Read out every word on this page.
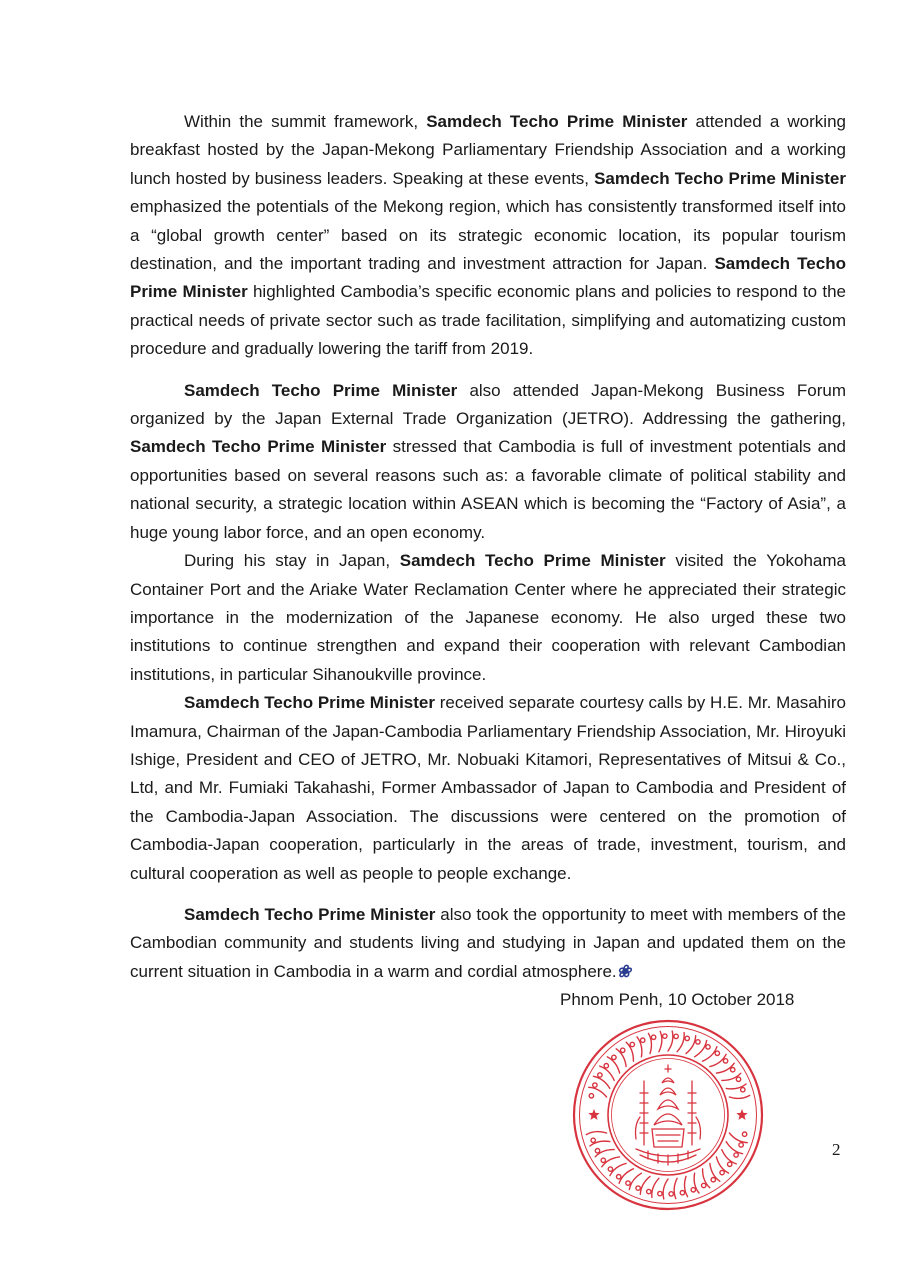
Within the summit framework, Samdech Techo Prime Minister attended a working breakfast hosted by the Japan-Mekong Parliamentary Friendship Association and a working lunch hosted by business leaders. Speaking at these events, Samdech Techo Prime Minister emphasized the potentials of the Mekong region, which has consistently transformed itself into a “global growth center” based on its strategic economic location, its popular tourism destination, and the important trading and investment attraction for Japan. Samdech Techo Prime Minister highlighted Cambodia’s specific economic plans and policies to respond to the practical needs of private sector such as trade facilitation, simplifying and automatizing custom procedure and gradually lowering the tariff from 2019.

Samdech Techo Prime Minister also attended Japan-Mekong Business Forum organized by the Japan External Trade Organization (JETRO). Addressing the gathering, Samdech Techo Prime Minister stressed that Cambodia is full of investment potentials and opportunities based on several reasons such as: a favorable climate of political stability and national security, a strategic location within ASEAN which is becoming the “Factory of Asia”, a huge young labor force, and an open economy.

During his stay in Japan, Samdech Techo Prime Minister visited the Yokohama Container Port and the Ariake Water Reclamation Center where he appreciated their strategic importance in the modernization of the Japanese economy. He also urged these two institutions to continue strengthen and expand their cooperation with relevant Cambodian institutions, in particular Sihanoukville province.

Samdech Techo Prime Minister received separate courtesy calls by H.E. Mr. Masahiro Imamura, Chairman of the Japan-Cambodia Parliamentary Friendship Association, Mr. Hiroyuki Ishige, President and CEO of JETRO, Mr. Nobuaki Kitamori, Representatives of Mitsui & Co., Ltd, and Mr. Fumiaki Takahashi, Former Ambassador of Japan to Cambodia and President of the Cambodia-Japan Association. The discussions were centered on the promotion of Cambodia-Japan cooperation, particularly in the areas of trade, investment, tourism, and cultural cooperation as well as people to people exchange.

Samdech Techo Prime Minister also took the opportunity to meet with members of the Cambodian community and students living and studying in Japan and updated them on the current situation in Cambodia in a warm and cordial atmosphere.❀

Phnom Penh, 10 October 2018
2
